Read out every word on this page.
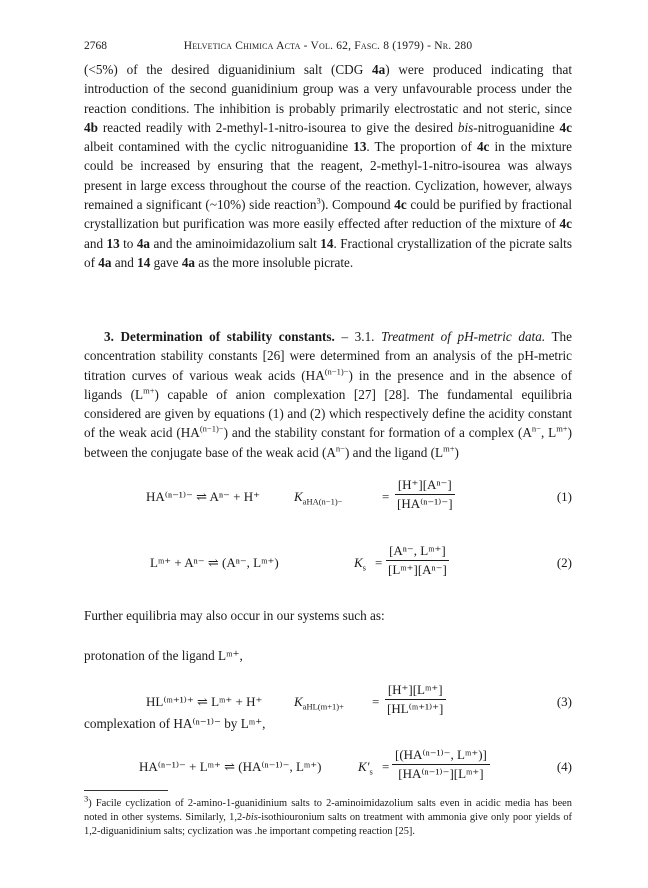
2768	Helvetica Chimica Acta - Vol. 62, Fasc. 8 (1979) - Nr. 280

(<5%) of the desired diguanidinium salt (CDG 4a) were produced indicating that introduction of the second guanidinium group was a very unfavourable process under the reaction conditions. The inhibition is probably primarily electrostatic and not steric, since 4b reacted readily with 2-methyl-1-nitro-isourea to give the desired bis-nitroguanidine 4c albeit contamined with the cyclic nitroguanidine 13. The proportion of 4c in the mixture could be increased by ensuring that the reagent, 2-methyl-1-nitro-isourea was always present in large excess throughout the course of the reaction. Cyclization, however, always remained a significant (~10%) side reaction$^3$). Compound 4c could be purified by fractional crystallization but purification was more easily effected after reduction of the mixture of 4c and 13 to 4a and the aminoimidazolium salt 14. Fractional crystallization of the picrate salts of 4a and 14 gave 4a as the more insoluble picrate.

3. Determination of stability constants. – 3.1. Treatment of pH-metric data. The concentration stability constants [26] were determined from an analysis of the pH-metric titration curves of various weak acids $(HA^{(n-1)-})$ in the presence and in the absence of ligands $(L^{m+})$ capable of anion complexation [27] [28]. The fundamental equilibria considered are given by equations (1) and (2) which respectively define the acidity constant of the weak acid $(HA^{(n-1)-})$ and the stability constant for formation of a complex ($A^{n-}$, $L^{m+}$) between the conjugate base of the weak acid $(A^{n-})$ and the ligand $(L^{m+})$

HA⁽ⁿ⁻¹⁾⁻ ⇌ Aⁿ⁻ + H⁺	$K_{aHA(n-1)-}$	= $\frac{\text{[H⁺][Aⁿ⁻]}}{\text{[HA⁽ⁿ⁻¹⁾⁻]}}$	(1)
Lᵐ⁺ + Aⁿ⁻ ⇌ (Aⁿ⁻, Lᵐ⁺)	$K_s = \frac{\text{[Aⁿ⁻, Lᵐ⁺]}}{\text{[Lᵐ⁺][Aⁿ⁻]}}$	(2)
Further equilibria may also occur in our systems such as:
protonation of the ligand Lᵐ⁺,
HL⁽ᵐ⁺¹⁾⁺ ⇌ Lᵐ⁺ + H⁺ $K_{aHL(m+1)+} = \frac{\text{[H⁺][Lᵐ⁺]}}{\text{[HL⁽ᵐ⁺¹⁾⁺]}}$	(3)
complexation of HA⁽ⁿ⁻¹⁾⁻ by Lᵐ⁺,
HA⁽ⁿ⁻¹⁾⁻ + Lᵐ⁺ ⇌ (HA⁽ⁿ⁻¹⁾⁻, Lᵐ⁺)	$K'_s = \frac{\text{[(HA⁽ⁿ⁻¹⁾⁻, Lᵐ⁺)]}}{\text{[HA⁽ⁿ⁻¹⁾⁻][Lᵐ⁺]}}$	(4)
$^3$) Facile cyclization of 2-amino-1-guanidinium salts to 2-aminoimidazolium salts even in acidic media has been noted in other systems. Similarly, 1,2-bis-isothiouronium salts on treatment with ammonia give only poor yields of 1,2-diguanidinium salts; cyclization was .he important competing reaction [25].
